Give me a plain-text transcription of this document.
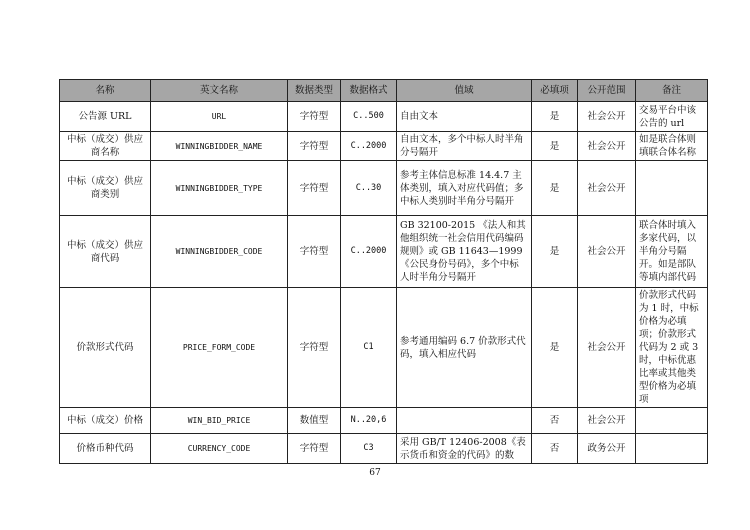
名称	英文名称	数据类型	数据格式	值域	必填项	公开范围	备注
公告源 URL	URL	字符型	C..500	自由文本	是	社会公开	交易平台中该公告的 url
中标（成交）供应商名称	WINNINGBIDDER_NAME	字符型	C..2000	自由文本，多个中标人时半角分号隔开	是	社会公开	如是联合体则填联合体名称
中标（成交）供应商类别	WINNINGBIDDER_TYPE	字符型	C..30	参考主体信息标准 14.4.7 主体类别，填入对应代码值；多中标人类别时半角分号隔开	是	社会公开	
中标（成交）供应商代码	WINNINGBIDDER_CODE	字符型	C..2000	GB 32100-2015 《法人和其他组织统一社会信用代码编码规则》或 GB 11643—1999《公民身份号码》，多个中标人时半角分号隔开	是	社会公开	联合体时填入多家代码，以半角分号隔开。如是部队等填内部代码
价款形式代码	PRICE_FORM_CODE	字符型	C1	参考通用编码 6.7 价款形式代码，填入相应代码	是	社会公开	价款形式代码为 1 时，中标价格为必填项；价款形式代码为 2 或 3 时，中标优惠比率或其他类型价格为必填项
中标（成交）价格	WIN_BID_PRICE	数值型	N..20,6		否	社会公开	
价格币种代码	CURRENCY_CODE	字符型	C3	采用 GB/T 12406-2008《表示货币和资金的代码》的数	否	政务公开	
67
